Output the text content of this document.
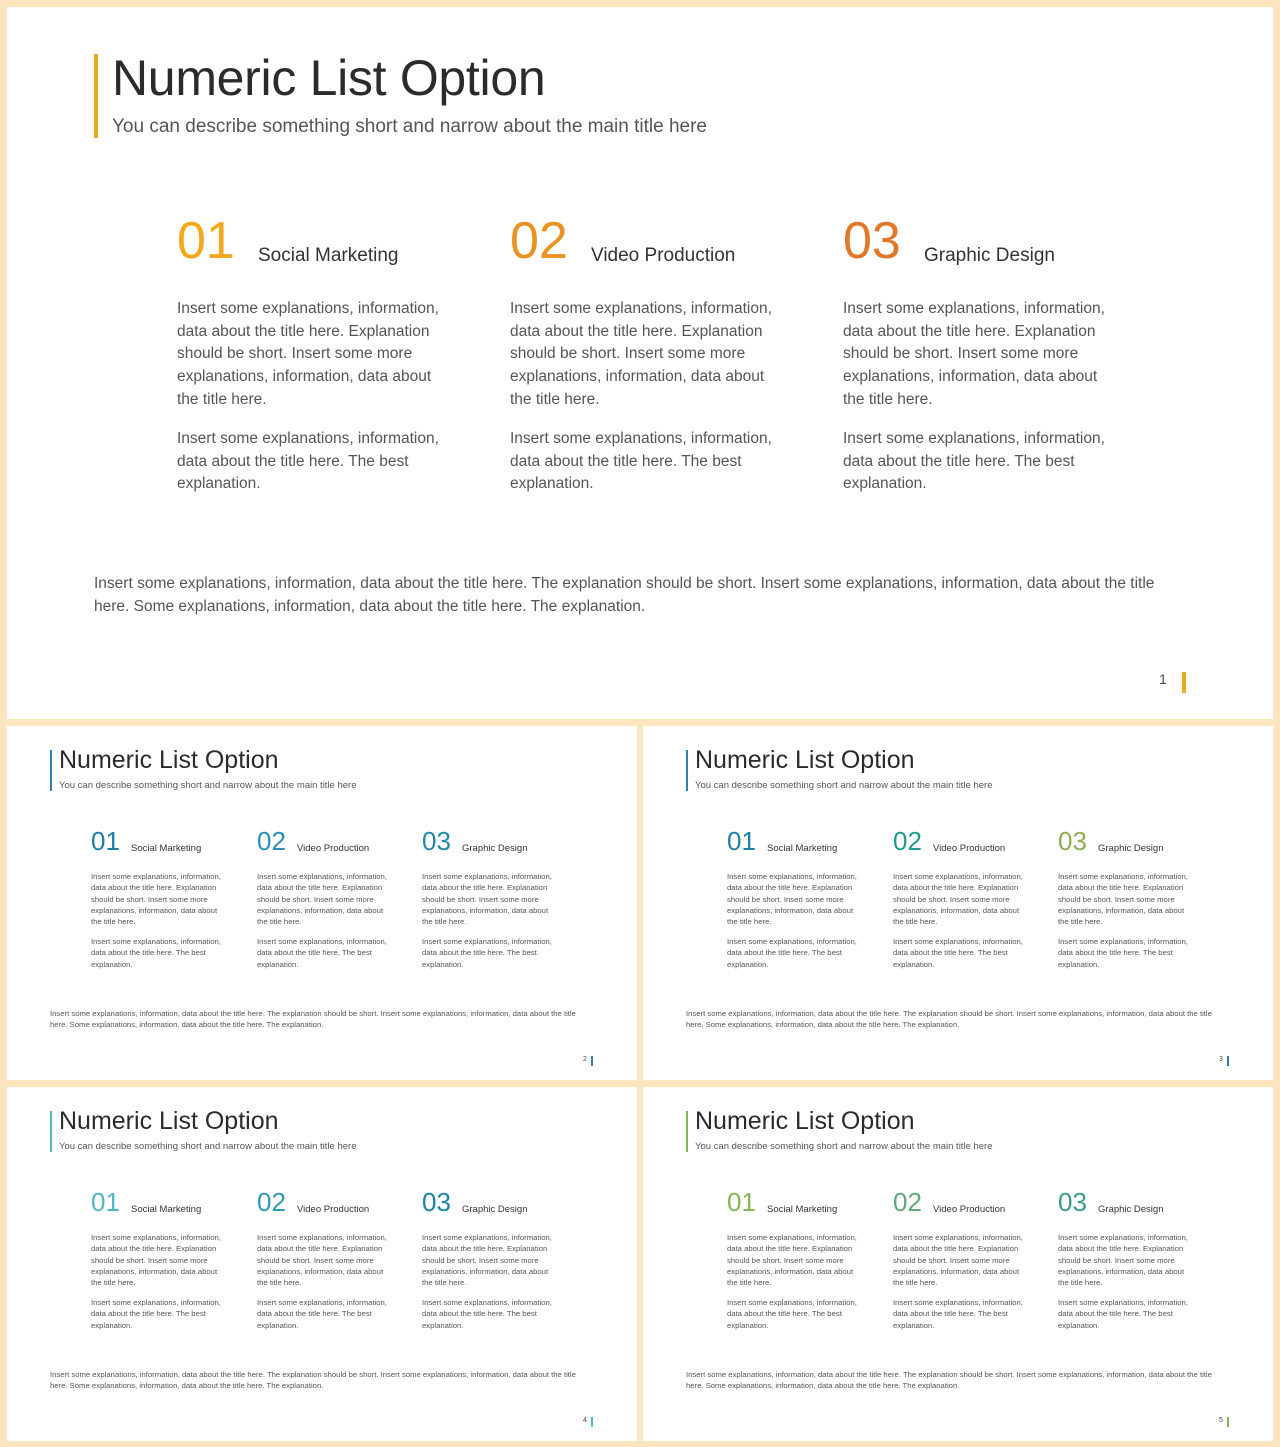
Numeric List Option
You can describe something short and narrow about the main title here
01 Social Marketing
Insert some explanations, information, data about the title here. Explanation should be short. Insert some more explanations, information, data about the title here.
Insert some explanations, information, data about the title here. The best explanation.
02 Video Production
Insert some explanations, information, data about the title here. Explanation should be short. Insert some more explanations, information, data about the title here.
Insert some explanations, information, data about the title here. The best explanation.
03 Graphic Design
Insert some explanations, information, data about the title here. Explanation should be short. Insert some more explanations, information, data about the title here.
Insert some explanations, information, data about the title here. The best explanation.
Insert some explanations, information, data about the title here. The explanation should be short. Insert some explanations, information, data about the title here. Some explanations, information, data about the title here. The explanation.
1
Numeric List Option
You can describe something short and narrow about the main title here
01 Social Marketing
Insert some explanations, information, data about the title here. Explanation should be short. Insert some more explanations, information, data about the title here.
Insert some explanations, information, data about the title here. The best explanation.
02 Video Production
Insert some explanations, information, data about the title here. Explanation should be short. Insert some more explanations, information, data about the title here.
Insert some explanations, information, data about the title here. The best explanation.
03 Graphic Design
Insert some explanations, information, data about the title here. Explanation should be short. Insert some more explanations, information, data about the title here.
Insert some explanations, information, data about the title here. The best explanation.
Insert some explanations, information, data about the title here. The explanation should be short. Insert some explanations, information, data about the title here. Some explanations, information, data about the title here. The explanation.
2
Numeric List Option
You can describe something short and narrow about the main title here
01 Social Marketing
Insert some explanations, information, data about the title here. Explanation should be short. Insert some more explanations, information, data about the title here.
Insert some explanations, information, data about the title here. The best explanation.
02 Video Production
Insert some explanations, information, data about the title here. Explanation should be short. Insert some more explanations, information, data about the title here.
Insert some explanations, information, data about the title here. The best explanation.
03 Graphic Design
Insert some explanations, information, data about the title here. Explanation should be short. Insert some more explanations, information, data about the title here.
Insert some explanations, information, data about the title here. The best explanation.
Insert some explanations, information, data about the title here. The explanation should be short. Insert some explanations, information, data about the title here. Some explanations, information, data about the title here. The explanation.
3
Numeric List Option
You can describe something short and narrow about the main title here
01 Social Marketing
Insert some explanations, information, data about the title here. Explanation should be short. Insert some more explanations, information, data about the title here.
Insert some explanations, information, data about the title here. The best explanation.
02 Video Production
Insert some explanations, information, data about the title here. Explanation should be short. Insert some more explanations, information, data about the title here.
Insert some explanations, information, data about the title here. The best explanation.
03 Graphic Design
Insert some explanations, information, data about the title here. Explanation should be short. Insert some more explanations, information, data about the title here.
Insert some explanations, information, data about the title here. The best explanation.
Insert some explanations, information, data about the title here. The explanation should be short. Insert some explanations, information, data about the title here. Some explanations, information, data about the title here. The explanation.
4
Numeric List Option
You can describe something short and narrow about the main title here
01 Social Marketing
Insert some explanations, information, data about the title here. Explanation should be short. Insert some more explanations, information, data about the title here.
Insert some explanations, information, data about the title here. The best explanation.
02 Video Production
Insert some explanations, information, data about the title here. Explanation should be short. Insert some more explanations, information, data about the title here.
Insert some explanations, information, data about the title here. The best explanation.
03 Graphic Design
Insert some explanations, information, data about the title here. Explanation should be short. Insert some more explanations, information, data about the title here.
Insert some explanations, information, data about the title here. The best explanation.
Insert some explanations, information, data about the title here. The explanation should be short. Insert some explanations, information, data about the title here. Some explanations, information, data about the title here. The explanation.
5
